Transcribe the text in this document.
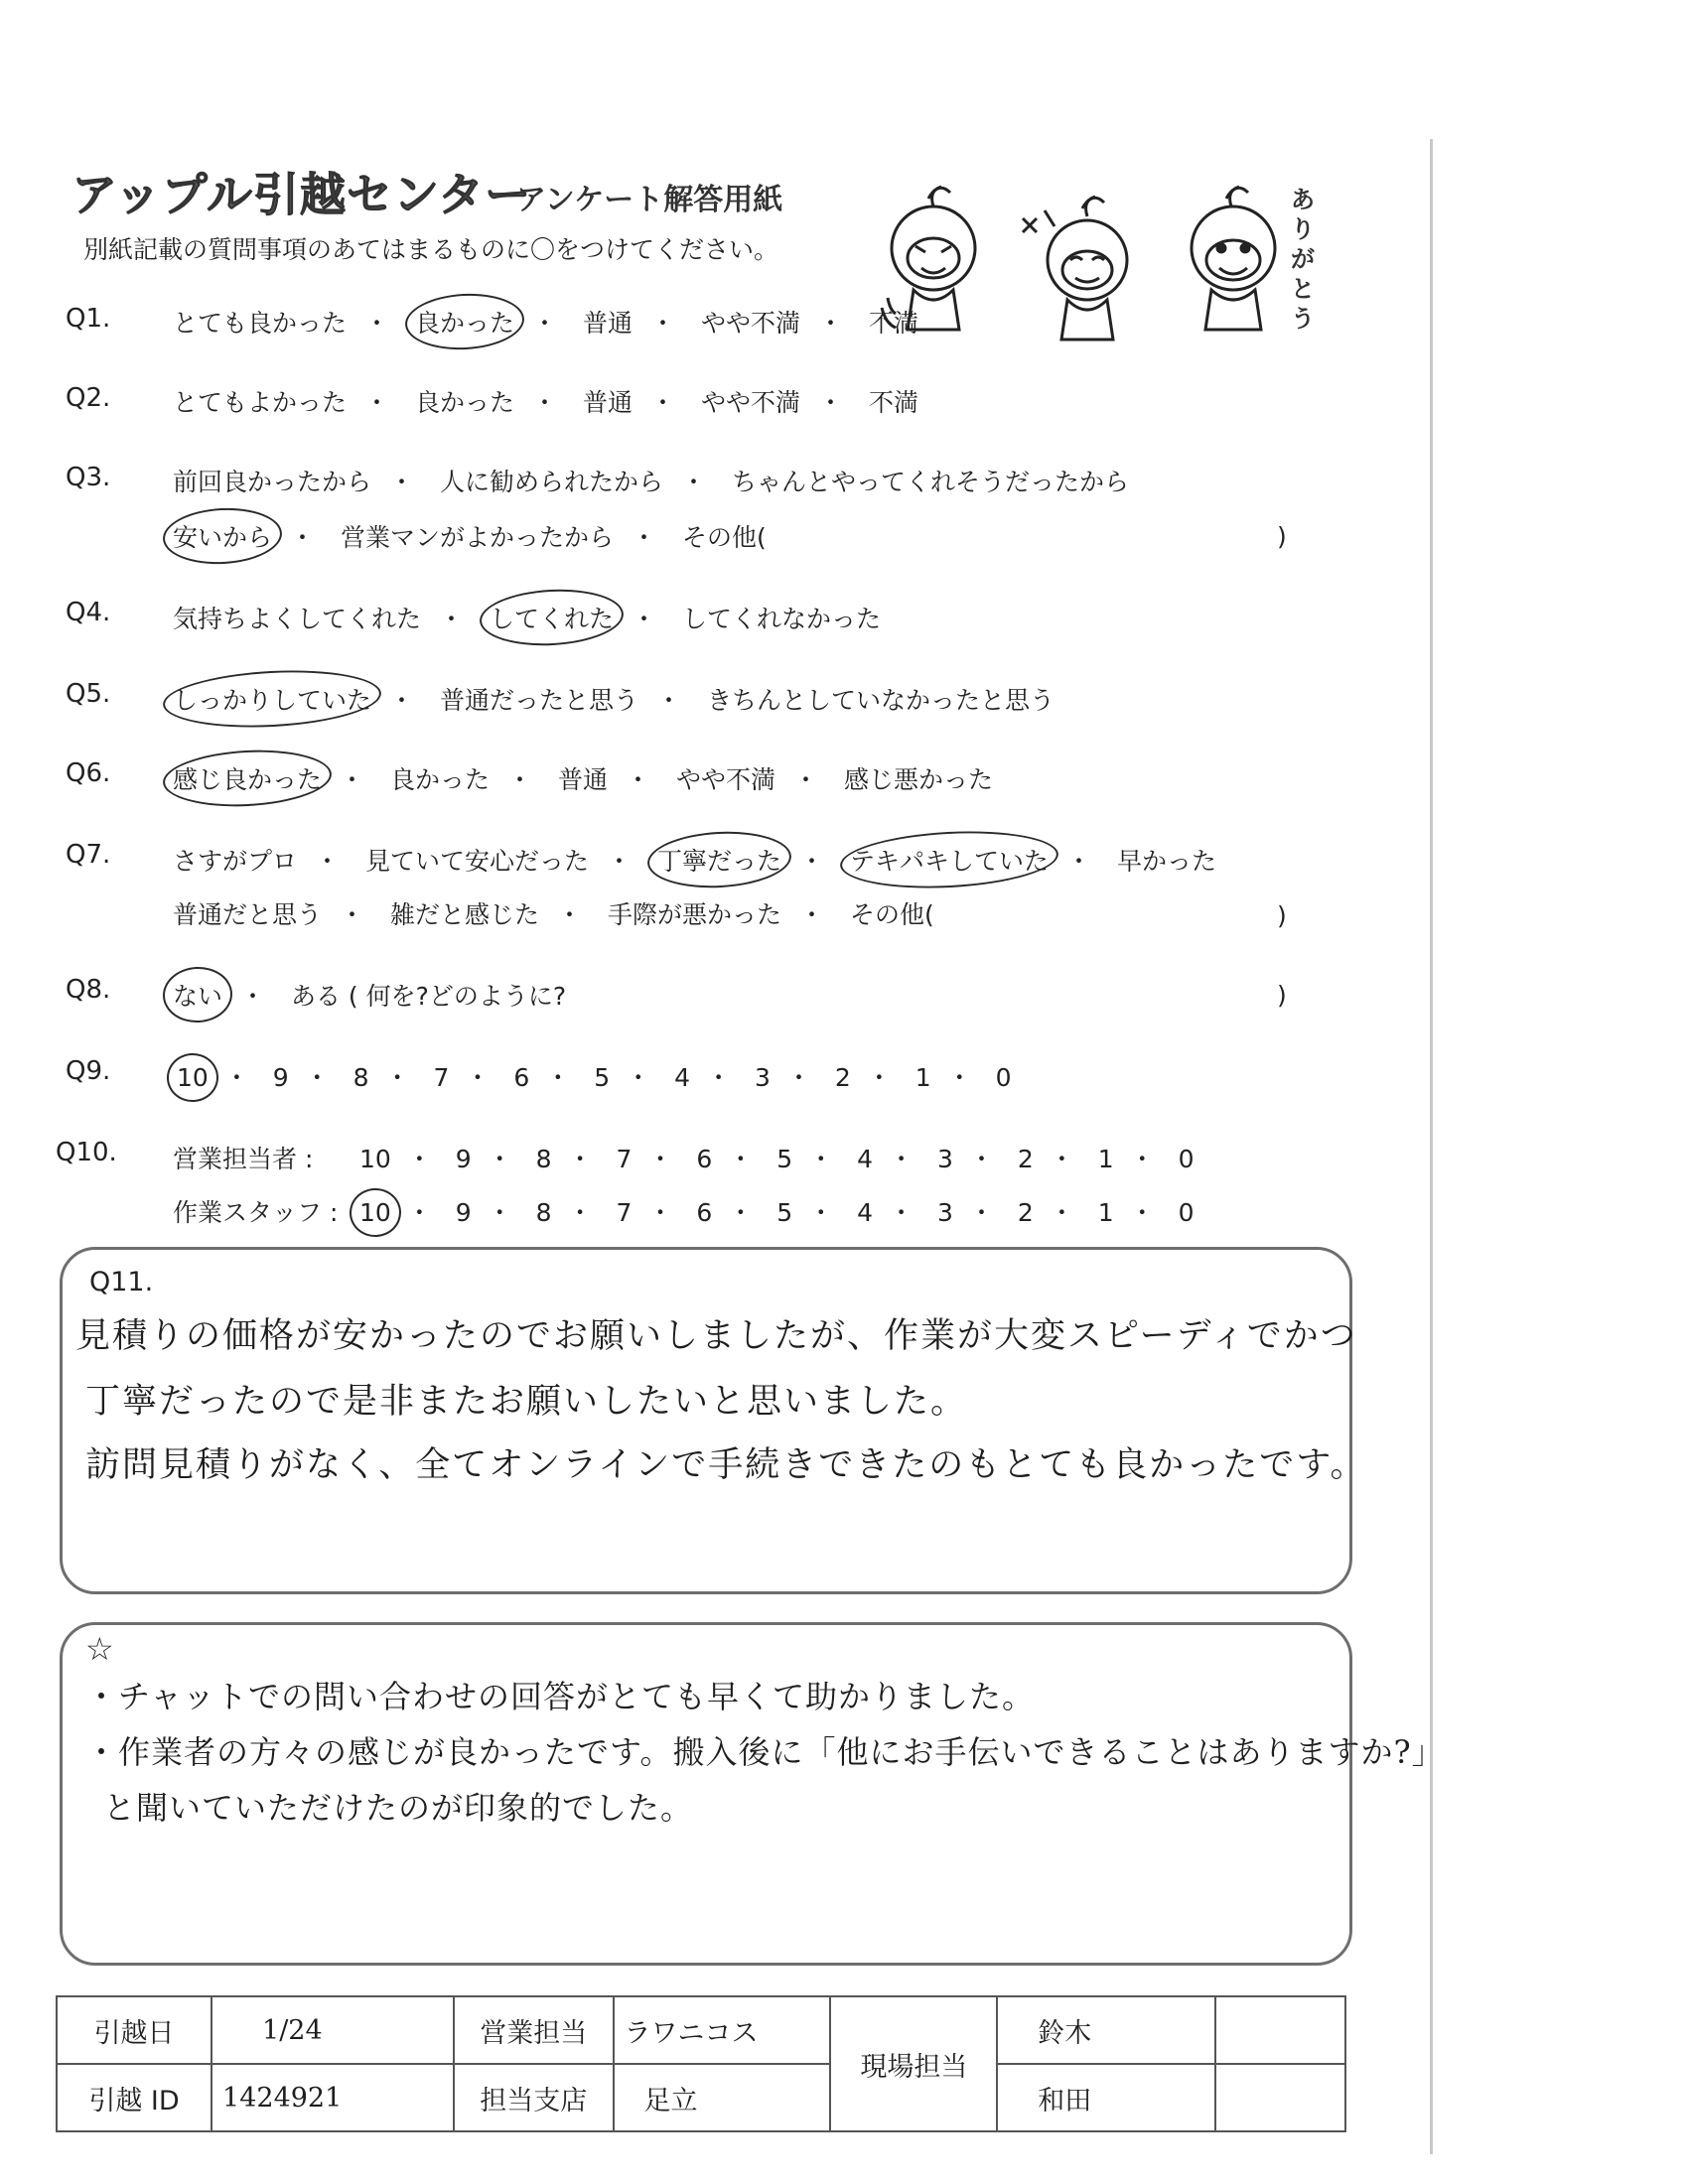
アップル引越センター
アンケート解答用紙
別紙記載の質問事項のあてはまるものに〇をつけてください。
ありがとう
Q1.	とても良かった ・ 良かった ・ 普通 ・ やや不満 ・ 不満
Q2.	とてもよかった ・ 良かった ・ 普通 ・ やや不満 ・ 不満
Q3.	前回良かったから ・ 人に勧められたから ・ ちゃんとやってくれそうだったから
安いから ・ 営業マンがよかったから ・ その他(	)
Q4.	気持ちよくしてくれた ・ してくれた ・ してくれなかった
Q5.	しっかりしていた ・ 普通だったと思う ・ きちんとしていなかったと思う
Q6.	感じ良かった ・ 良かった ・ 普通 ・ やや不満 ・ 感じ悪かった
Q7.	さすがプロ ・ 見ていて安心だった ・ 丁寧だった ・ テキパキしていた ・ 早かった
普通だと思う ・ 雑だと感じた ・ 手際が悪かった ・ その他(	)
Q8.	ない ・ ある ( 何を?どのように?	)
Q9.	10 ・ 9 ・ 8 ・ 7 ・ 6 ・ 5 ・ 4 ・ 3 ・ 2 ・ 1 ・ 0
Q10. 営業担当者 : 10 ・ 9 ・ 8 ・ 7 ・ 6 ・ 5 ・ 4 ・ 3 ・ 2 ・ 1 ・ 0
作業スタッフ : 10 ・ 9 ・ 8 ・ 7 ・ 6 ・ 5 ・ 4 ・ 3 ・ 2 ・ 1 ・ 0
Q11.
見積りの価格が安かったのでお願いしましたが、作業が大変スピーディでかつ
丁寧だったので是非またお願いしたいと思いました。
訪問見積りがなく、全てオンラインで手続きできたのもとても良かったです。
☆
・チャットでの問い合わせの回答がとても早くて助かりました。
・作業者の方々の感じが良かったです。搬入後に「他にお手伝いできることはありますか?」
と聞いていただけたのが印象的でした。
引越日	1/24	営業担当	ラワニコス	現場担当	鈴木	
引越 ID	1424921	担当支店	足立		和田	
